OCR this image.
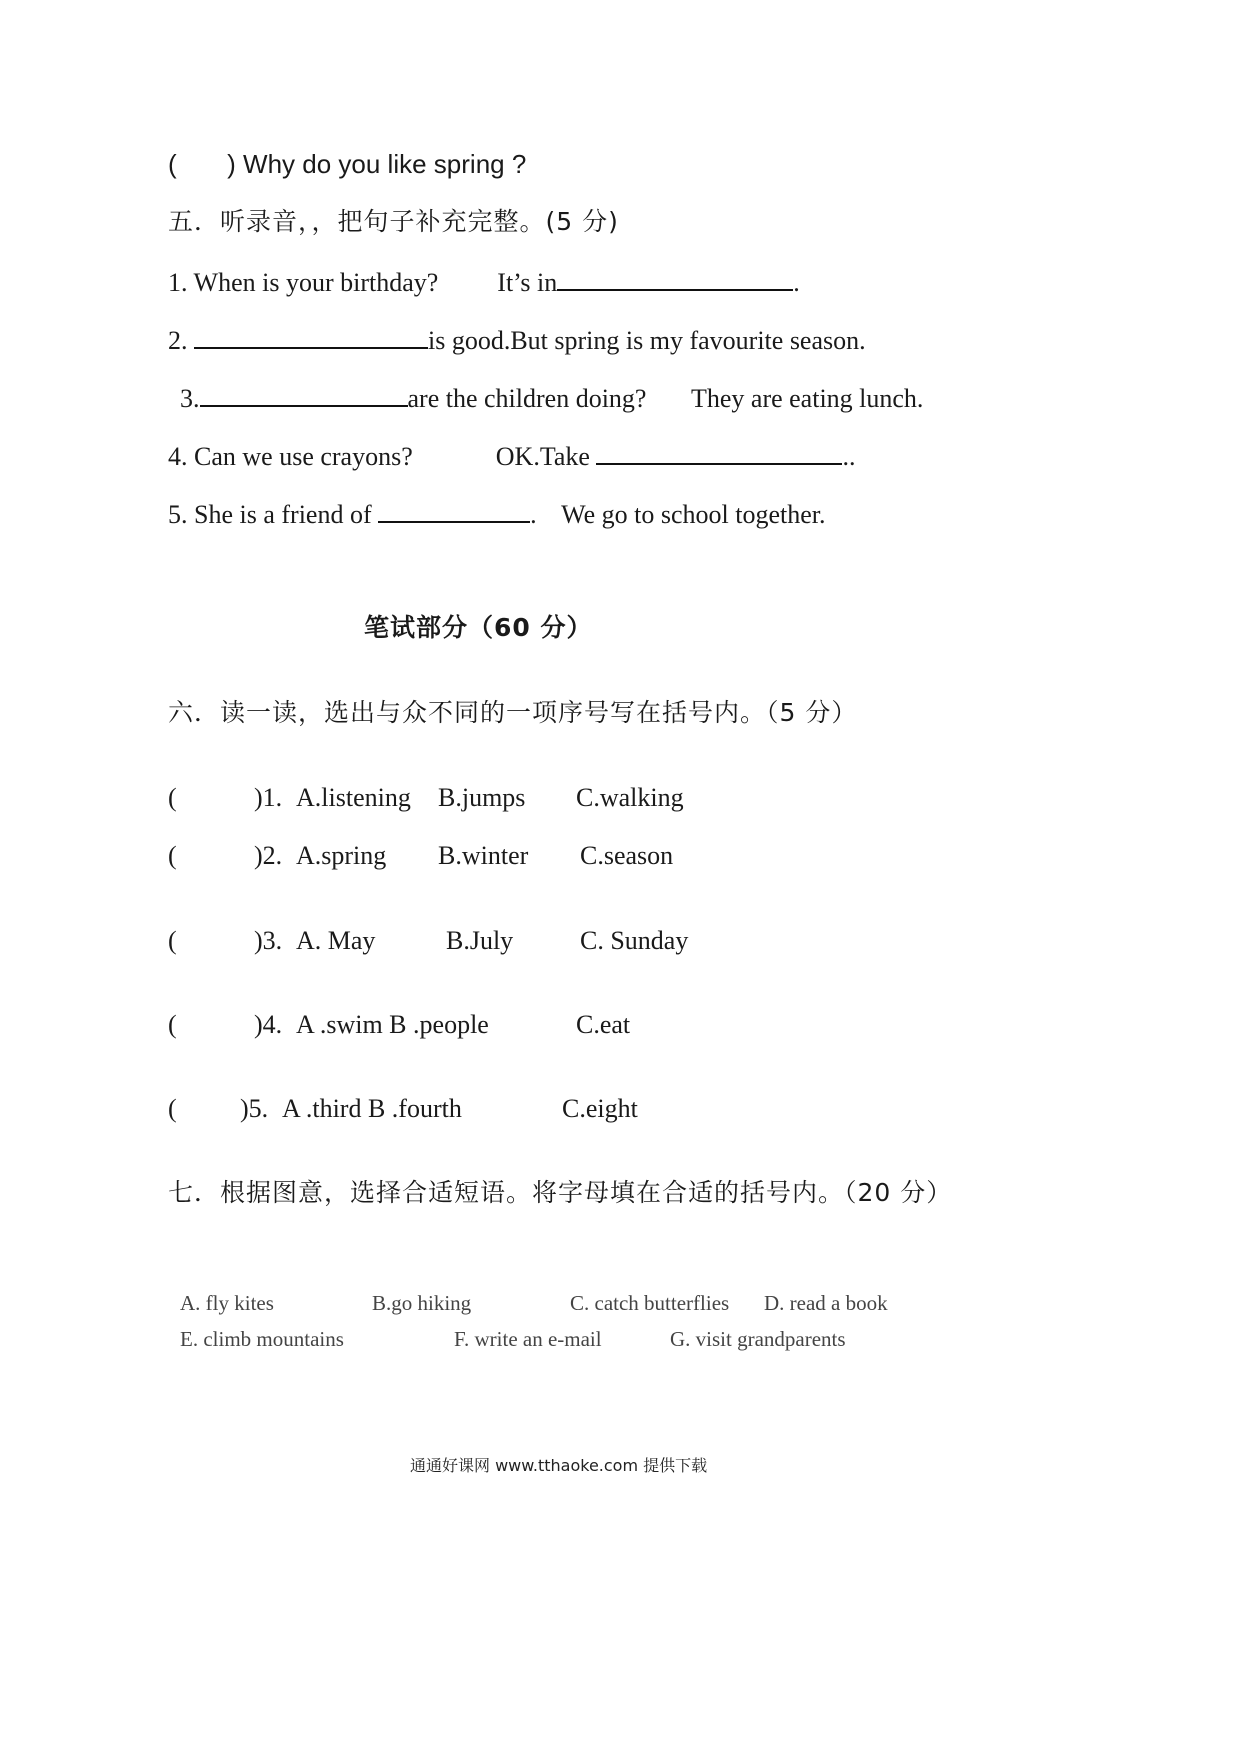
( ) Why do you like spring ?
五．听录音，，把句子补充完整。(5 分)
1. When is your birthday? It’s in	.
2.	is good.But spring is my favourite season.
3.	are the children doing? They are eating lunch.
4. Can we use crayons?	OK.Take	..
5. She is a friend of	. We go to school together.
笔试部分（60 分）
六．读一读，选出与众不同的一项序号写在括号内。（5 分）
(	)1. A.listening B.jumps C.walking
(	)2. A.spring B.winter C.season
(	)3. A. May	B.July	C. Sunday
(	)4. A .swim B .people	C.eat
( )5. A .third B .fourth	C.eight
七．根据图意，选择合适短语。将字母填在合适的括号内。（20 分）
A. fly kites	B.go hiking	C. catch butterflies D. read a book
E. climb mountains	F. write an e-mail	G. visit grandparents
通通好课网 www.tthaoke.com 提供下载
